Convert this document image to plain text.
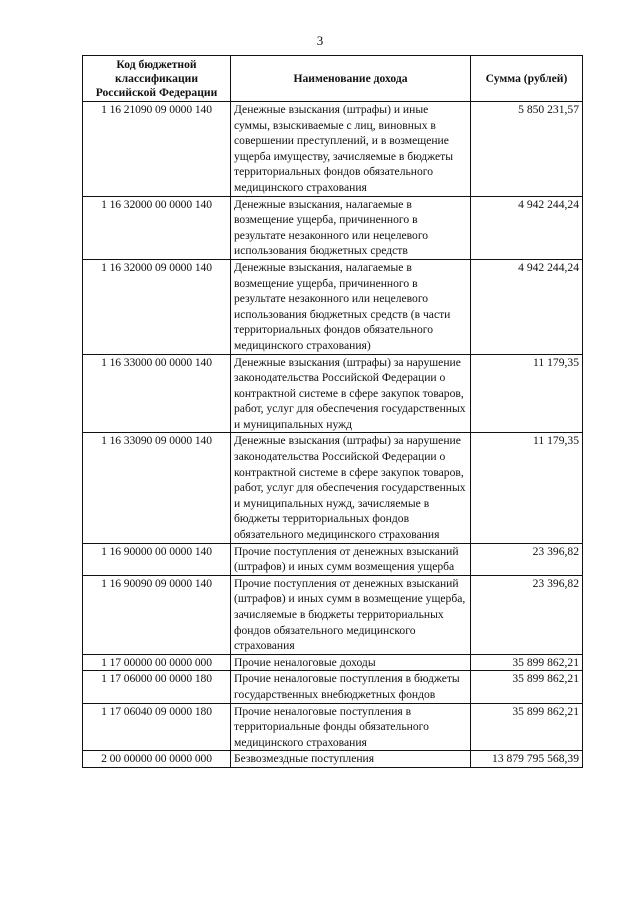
3
Код бюджетной классификации Российской Федерации	Наименование дохода	Сумма (рублей)
1 16 21090 09 0000 140	Денежные взыскания (штрафы) и иные суммы, взыскиваемые с лиц, виновных в совершении преступлений, и в возмещение ущерба имуществу, зачисляемые в бюджеты территориальных фондов обязательного медицинского страхования	5 850 231,57
1 16 32000 00 0000 140	Денежные взыскания, налагаемые в возмещение ущерба, причиненного в результате незаконного или нецелевого использования бюджетных средств	4 942 244,24
1 16 32000 09 0000 140	Денежные взыскания, налагаемые в возмещение ущерба, причиненного в результате незаконного или нецелевого использования бюджетных средств (в части территориальных фондов обязательного медицинского страхования)	4 942 244,24
1 16 33000 00 0000 140	Денежные взыскания (штрафы) за нарушение законодательства Российской Федерации о контрактной системе в сфере закупок товаров, работ, услуг для обеспечения государственных и муниципальных нужд	11 179,35
1 16 33090 09 0000 140	Денежные взыскания (штрафы) за нарушение законодательства Российской Федерации о контрактной системе в сфере закупок товаров, работ, услуг для обеспечения государственных и муниципальных нужд, зачисляемые в бюджеты территориальных фондов обязательного медицинского страхования	11 179,35
1 16 90000 00 0000 140	Прочие поступления от денежных взысканий (штрафов) и иных сумм возмещения ущерба	23 396,82
1 16 90090 09 0000 140	Прочие поступления от денежных взысканий (штрафов) и иных сумм в возмещение ущерба, зачисляемые в бюджеты территориальных фондов обязательного медицинского страхования	23 396,82
1 17 00000 00 0000 000	Прочие неналоговые доходы	35 899 862,21
1 17 06000 00 0000 180	Прочие неналоговые поступления в бюджеты государственных внебюджетных фондов	35 899 862,21
1 17 06040 09 0000 180	Прочие неналоговые поступления в территориальные фонды обязательного медицинского страхования	35 899 862,21
2 00 00000 00 0000 000	Безвозмездные поступления	13 879 795 568,39
